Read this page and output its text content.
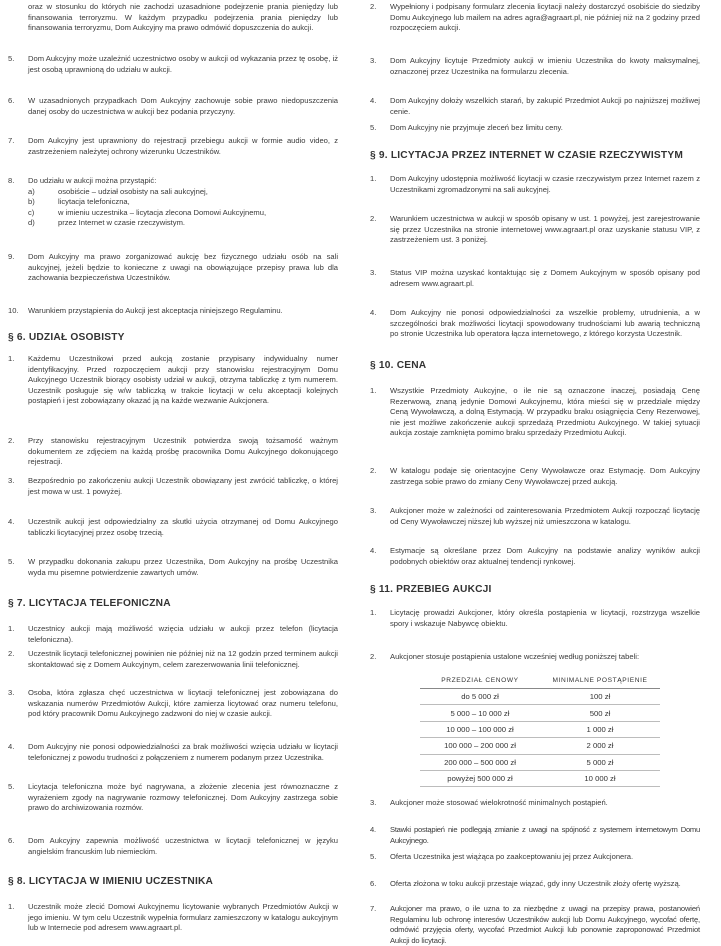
oraz w stosunku do których nie zachodzi uzasadnione podejrzenie prania pieniędzy lub finansowania terroryzmu. W każdym przypadku podejrzenia prania pieniędzy lub finansowania terroryzmu, Dom Aukcyjny ma prawo odmówić dopuszczenia do aukcji.
5.	Dom Aukcyjny może uzależnić uczestnictwo osoby w aukcji od wykazania przez tę osobę, iż jest osobą uprawnioną do udziału w aukcji.
6.	W uzasadnionych przypadkach Dom Aukcyjny zachowuje sobie prawo niedopuszczenia danej osoby do uczestnictwa w aukcji bez podania przyczyny.
7.	Dom Aukcyjny jest uprawniony do rejestracji przebiegu aukcji w formie audio video, z zastrzeżeniem należytej ochrony wizerunku Uczestników.
8.	Do udziału w aukcji można przystąpić:
a)	osobiście – udział osobisty na sali aukcyjnej,
b)	licytacja telefoniczna,
c)	w imieniu uczestnika – licytacja zlecona Domowi Aukcyjnemu,
d)	przez Internet w czasie rzeczywistym.
9.	Dom Aukcyjny ma prawo zorganizować aukcję bez fizycznego udziału osób na sali aukcyjnej, jeżeli będzie to konieczne z uwagi na obowiązujące przepisy prawa lub dla zachowania bezpieczeństwa Uczestników.
10.	Warunkiem przystąpienia do Aukcji jest akceptacja niniejszego Regulaminu.
§ 6. UDZIAŁ OSOBISTY
1.	Każdemu Uczestnikowi przed aukcją zostanie przypisany indywidualny numer identyfikacyjny. Przed rozpoczęciem aukcji przy stanowisku rejestracyjnym Domu Aukcyjnego Uczestnik biorący osobisty udział w aukcji, otrzyma tabliczkę z tym numerem. Uczestnik posługuje się w/w tabliczką w trakcie licytacji w celu akceptacji kolejnych postąpień i jest zobowiązany okazać ją na każde wezwanie Aukcjonera.
2.	Przy stanowisku rejestracyjnym Uczestnik potwierdza swoją tożsamość ważnym dokumentem ze zdjęciem na każdą prośbę pracownika Domu Aukcyjnego dokonującego rejestracji.
3.	Bezpośrednio po zakończeniu aukcji Uczestnik obowiązany jest zwrócić tabliczkę, o której jest mowa w ust. 1 powyżej.
4.	Uczestnik aukcji jest odpowiedzialny za skutki użycia otrzymanej od Domu Aukcyjnego tabliczki licytacyjnej przez osobę trzecią.
5.	W przypadku dokonania zakupu przez Uczestnika, Dom Aukcyjny na prośbę Uczestnika wyda mu pisemne potwierdzenie zawartych umów.
§ 7. LICYTACJA TELEFONICZNA
1.	Uczestnicy aukcji mają możliwość wzięcia udziału w aukcji przez telefon (licytacja telefoniczna).
2.	Uczestnik licytacji telefonicznej powinien nie później niż na 12 godzin przed terminem aukcji skontaktować się z Domem Aukcyjnym, celem zarezerwowania linii telefonicznej.
3.	Osoba, która zgłasza chęć uczestnictwa w licytacji telefonicznej jest zobowiązana do wskazania numerów Przedmiotów Aukcji, które zamierza licytować oraz numeru telefonu, pod który pracownik Domu Aukcyjnego zadzwoni do niej w czasie aukcji.
4.	Dom Aukcyjny nie ponosi odpowiedzialności za brak możliwości wzięcia udziału w licytacji telefonicznej z powodu trudności z połączeniem z numerem podanym przez Uczestnika.
5.	Licytacja telefoniczna może być nagrywana, a złożenie zlecenia jest równoznaczne z wyrażeniem zgody na nagrywanie rozmowy telefonicznej. Dom Aukcyjny zastrzega sobie prawo do archiwizowania rozmów.
6.	Dom Aukcyjny zapewnia możliwość uczestnictwa w licytacji telefonicznej w języku angielskim francuskim lub niemieckim.
§ 8. LICYTACJA W IMIENIU UCZESTNIKA
1.	Uczestnik może zlecić Domowi Aukcyjnemu licytowanie wybranych Przedmiotów Aukcji w jego imieniu. W tym celu Uczestnik wypełnia formularz zamieszczony w katalogu aukcyjnym lub w Internecie pod adresem www.agraart.pl.
2.	Wypełniony i podpisany formularz zlecenia licytacji należy dostarczyć osobiście do siedziby Domu Aukcyjnego lub mailem na adres agra@agraart.pl, nie później niż na 2 godziny przed rozpoczęciem aukcji.
3.	Dom Aukcyjny licytuje Przedmioty aukcji w imieniu Uczestnika do kwoty maksymalnej, oznaczonej przez Uczestnika na formularzu zlecenia.
4.	Dom Aukcyjny dołoży wszelkich starań, by zakupić Przedmiot Aukcji po najniższej możliwej cenie.
5.	Dom Aukcyjny nie przyjmuje zleceń bez limitu ceny.
§ 9. LICYTACJA PRZEZ INTERNET W CZASIE RZECZYWISTYM
1.	Dom Aukcyjny udostępnia możliwość licytacji w czasie rzeczywistym przez Internet razem z Uczestnikami zgromadzonymi na sali aukcyjnej.
2.	Warunkiem uczestnictwa w aukcji w sposób opisany w ust. 1 powyżej, jest zarejestrowanie się przez Uczestnika na stronie internetowej www.agraart.pl oraz uzyskanie statusu VIP, z zastrzeżeniem ust. 3 poniżej.
3.	Status VIP można uzyskać kontaktując się z Domem Aukcyjnym w sposób opisany pod adresem www.agraart.pl.
4.	Dom Aukcyjny nie ponosi odpowiedzialności za wszelkie problemy, utrudnienia, a w szczególności brak możliwości licytacji spowodowany trudnościami lub awarią techniczną po stronie Uczestnika lub operatora łącza internetowego, z którego korzysta Uczestnik.
§ 10. CENA
1.	Wszystkie Przedmioty Aukcyjne, o ile nie są oznaczone inaczej, posiadają Cenę Rezerwową, znaną jedynie Domowi Aukcyjnemu, która mieści się w przedziale między Ceną Wywoławczą, a dolną Estymacją. W przypadku braku osiągnięcia Ceny Rezerwowej, nie jest możliwe zakończenie aukcji sprzedażą Przedmiotu Aukcyjnego. W takiej sytuacji aukcja zostaje zamknięta pomimo braku sprzedaży Przedmiotu Aukcji.
2.	W katalogu podaje się orientacyjne Ceny Wywoławcze oraz Estymację. Dom Aukcyjny zastrzega sobie prawo do zmiany Ceny Wywoławczej przed aukcją.
3.	Aukcjoner może w zależności od zainteresowania Przedmiotem Aukcji rozpocząć licytację od Ceny Wywoławczej niższej lub wyższej niż umieszczona w katalogu.
4.	Estymacje są określane przez Dom Aukcyjny na podstawie analizy wyników aukcji podobnych obiektów oraz aktualnej tendencji rynkowej.
§ 11. PRZEBIEG AUKCJI
1.	Licytację prowadzi Aukcjoner, który określa postąpienia w licytacji, rozstrzyga wszelkie spory i wskazuje Nabywcę obiektu.
2.	Aukcjoner stosuje postąpienia ustalone wcześniej według poniższej tabeli:
PRZEDZIAŁ CENOWY	MINIMALNE POSTĄPIENIE
do 5 000 zł	100 zł
5 000 – 10 000 zł	500 zł
10 000 – 100 000 zł	1 000 zł
100 000 – 200 000 zł	2 000 zł
200 000 – 500 000 zł	5 000 zł
powyżej 500 000 zł	10 000 zł
3.	Aukcjoner może stosować wielokrotność minimalnych postąpień.
4.	Stawki postąpień nie podlegają zmianie z uwagi na spójność z systemem internetowym Domu Aukcyjnego.
5.	Oferta Uczestnika jest wiążąca po zaakceptowaniu jej przez Aukcjonera.
6.	Oferta złożona w toku aukcji przestaje wiązać, gdy inny Uczestnik złoży ofertę wyższą.
7.	Aukcjoner ma prawo, o ile uzna to za niezbędne z uwagi na przepisy prawa, postanowień Regulaminu lub ochronę interesów Uczestników aukcji lub Domu Aukcyjnego, wycofać ofertę, odmówić przyjęcia oferty, wycofać Przedmiot Aukcji lub ponownie zaproponować Przedmiot Aukcji do licytacji.
